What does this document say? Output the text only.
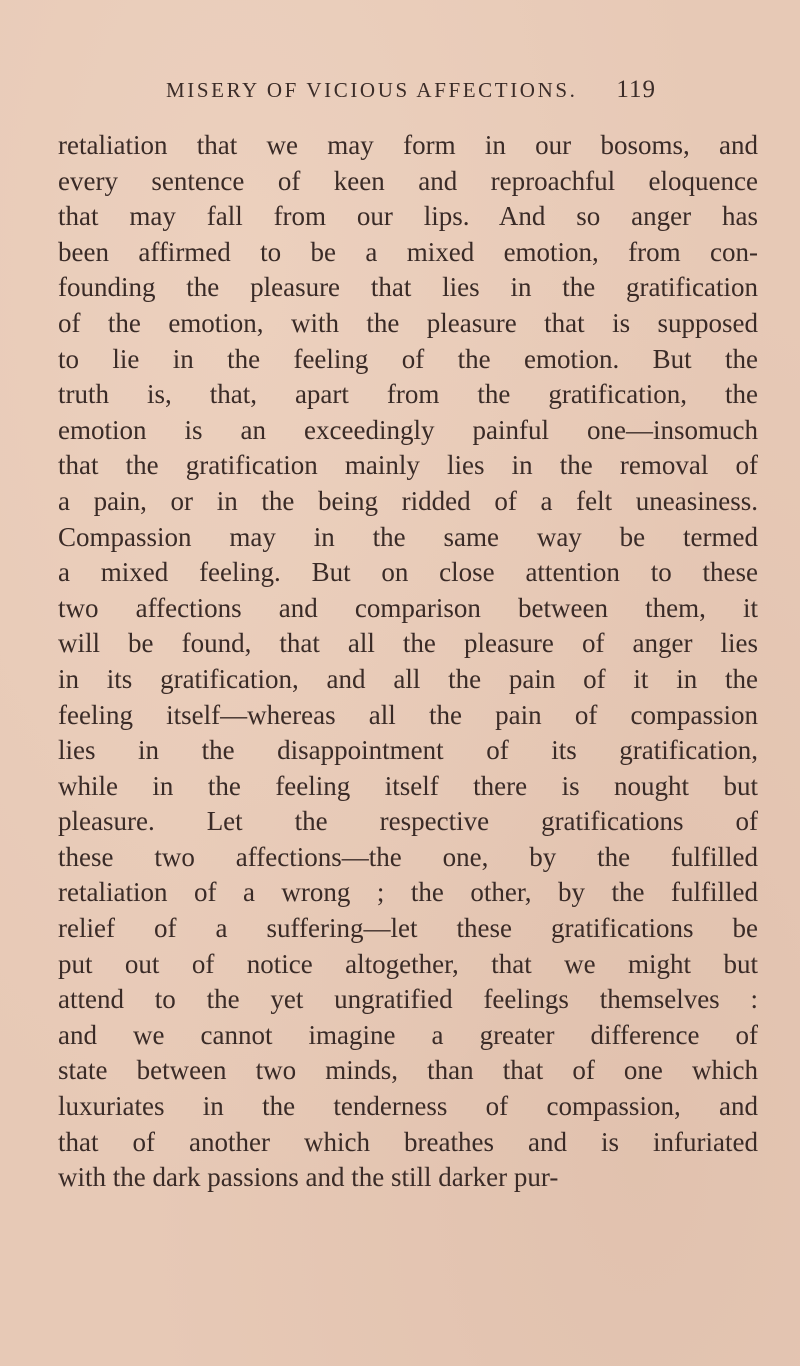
MISERY OF VICIOUS AFFECTIONS. 119
retaliation that we may form in our bosoms, and
every sentence of keen and reproachful eloquence
that may fall from our lips. And so anger has
been affirmed to be a mixed emotion, from con-
founding the pleasure that lies in the gratification
of the emotion, with the pleasure that is supposed
to lie in the feeling of the emotion. But the
truth is, that, apart from the gratification, the
emotion is an exceedingly painful one—insomuch
that the gratification mainly lies in the removal of
a pain, or in the being ridded of a felt uneasiness.
Compassion may in the same way be termed
a mixed feeling. But on close attention to these
two affections and comparison between them, it
will be found, that all the pleasure of anger lies
in its gratification, and all the pain of it in the
feeling itself—whereas all the pain of compassion
lies in the disappointment of its gratification,
while in the feeling itself there is nought but
pleasure. Let the respective gratifications of
these two affections—the one, by the fulfilled
retaliation of a wrong ; the other, by the fulfilled
relief of a suffering—let these gratifications be
put out of notice altogether, that we might but
attend to the yet ungratified feelings themselves :
and we cannot imagine a greater difference of
state between two minds, than that of one which
luxuriates in the tenderness of compassion, and
that of another which breathes and is infuriated
with the dark passions and the still darker pur-
